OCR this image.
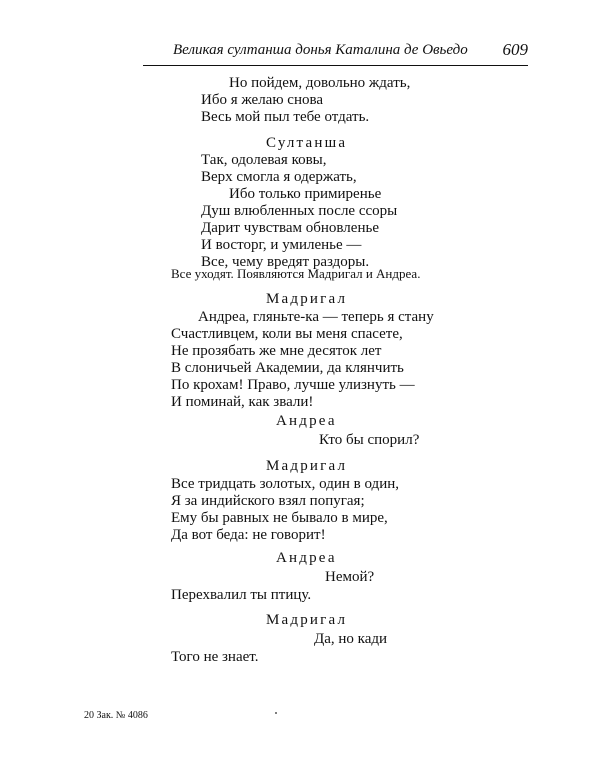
Великая султанша донья Каталина де Овьедо 609
Но пойдем, довольно ждать,
Ибо я желаю снова
Весь мой пыл тебе отдать.
Султанша
Так, одолевая ковы,
Верх смогла я одержать,
Ибо только примиренье
Душ влюбленных после ссоры
Дарит чувствам обновленье
И восторг, и умиленье —
Все, чему вредят раздоры.
Все уходят. Появляются Мадригал и Андреа.
Мадригал
Андреа, гляньте-ка — теперь я стану
Счастливцем, коли вы меня спасете,
Не прозябать же мне десяток лет
В слоничьей Академии, да клянчить
По крохам! Право, лучше улизнуть —
И поминай, как звали!
Андреа
Кто бы спорил?
Мадригал
Все тридцать золотых, один в один,
Я за индийского взял попугая;
Ему бы равных не бывало в мире,
Да вот беда: не говорит!
Андреа
Немой?
Перехвалил ты птицу.
Мадригал
Да, но кади
Того не знает.
20 Зак. № 4086
